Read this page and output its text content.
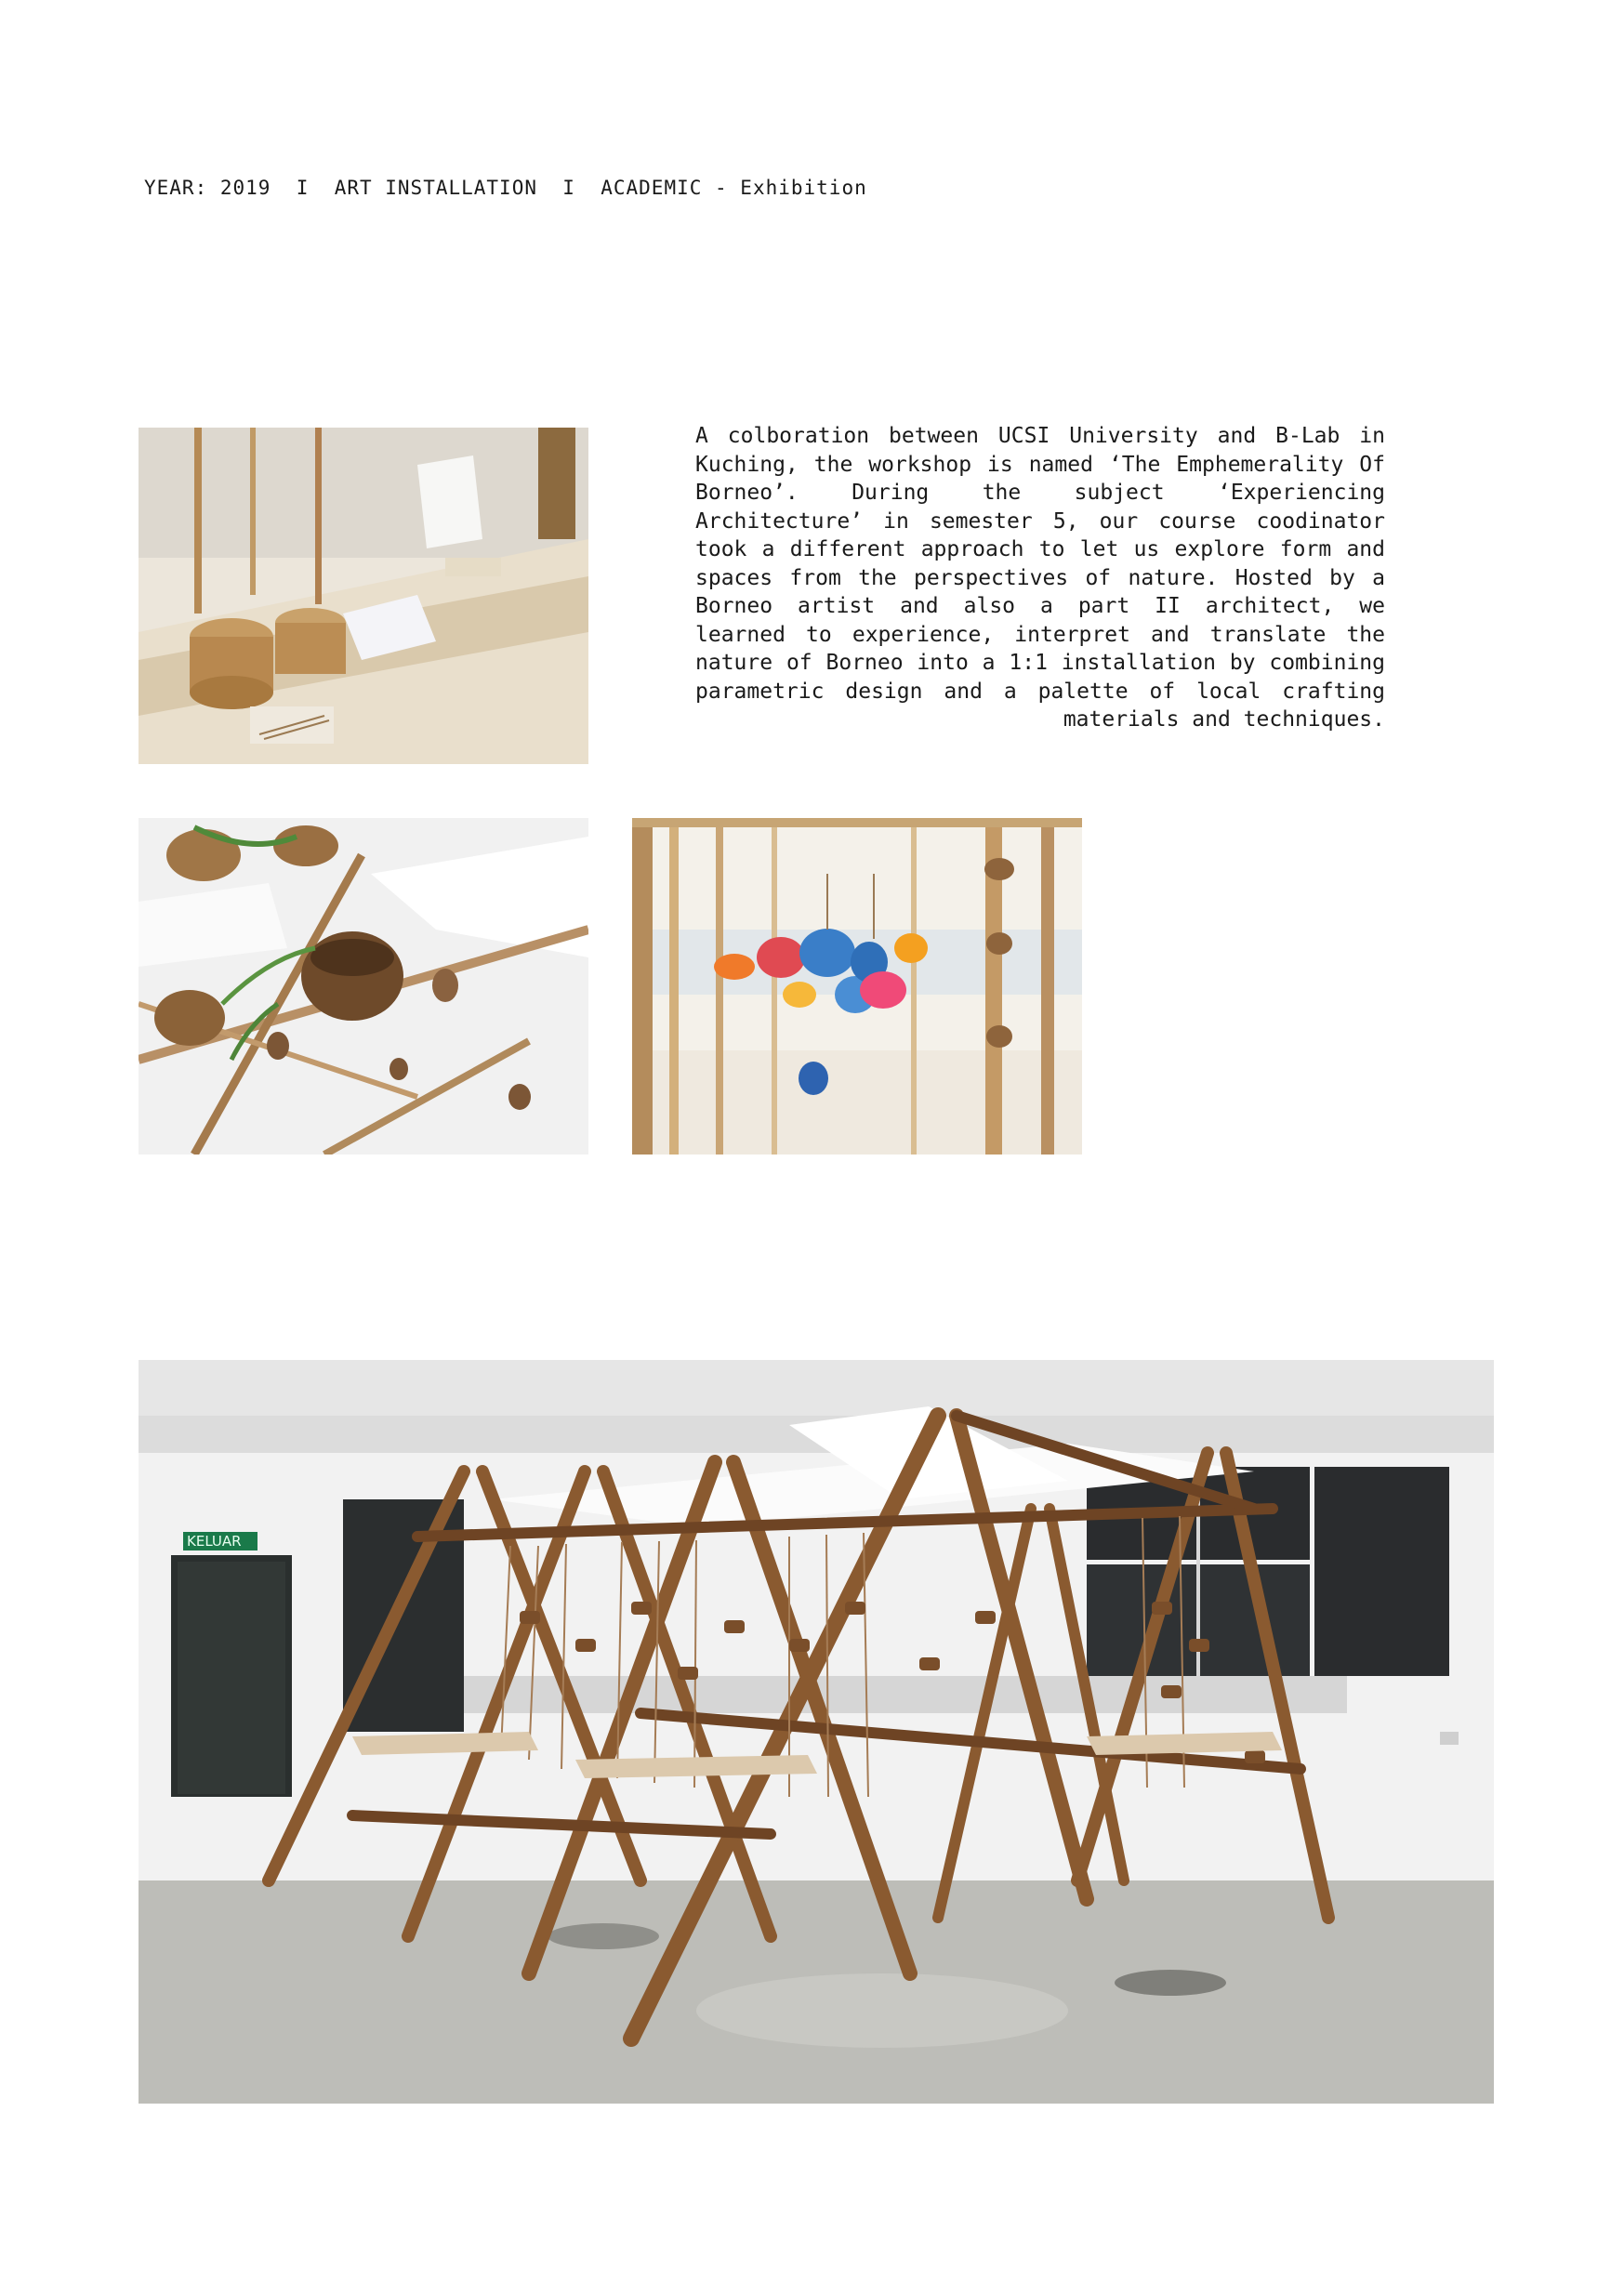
YEAR: 2019 I ART INSTALLATION I ACADEMIC - Exhibition
A colboration between UCSI University and B-Lab in Kuching, the workshop is named ‘The Emphemerality Of Borneo’. During the subject ‘Experiencing Architecture’ in semester 5, our course coodinator took a different approach to let us explore form and spaces from the perspectives of nature. Hosted by a Borneo artist and also a part II architect, we learned to experience, interpret and translate the nature of Borneo into a 1:1 installation by combining parametric design and a palette of local crafting materials and techniques.
KELUAR
